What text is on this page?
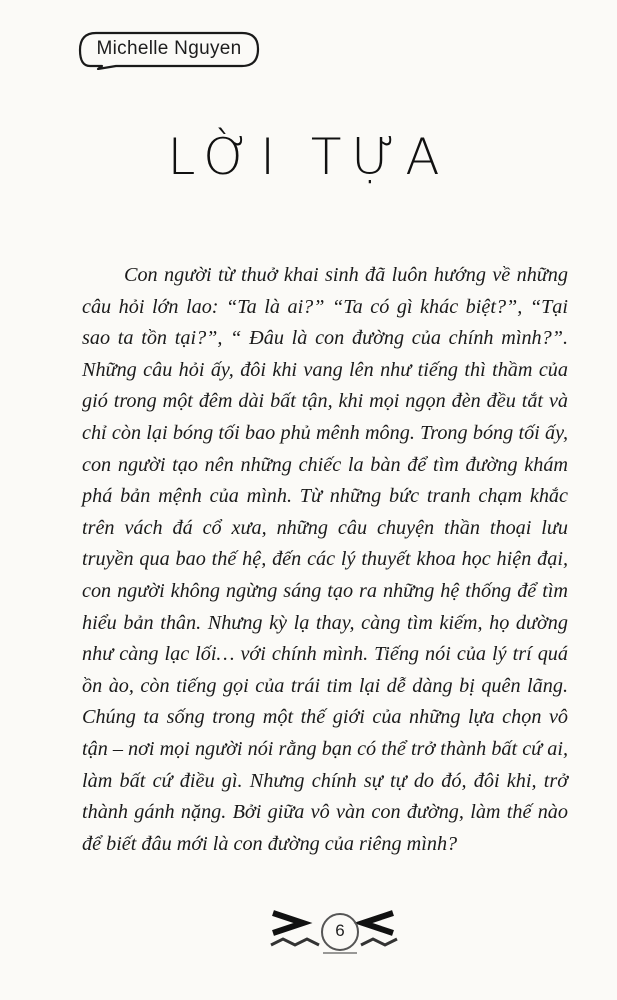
Michelle Nguyen
LỜI TỰA

Con người từ thuở khai sinh đã luôn hướng về những câu hỏi lớn lao: “Ta là ai?” “Ta có gì khác biệt?”, “Tại sao ta tồn tại?”, “ Đâu là con đường của chính mình?”. Những câu hỏi ấy, đôi khi vang lên như tiếng thì thầm của gió trong một đêm dài bất tận, khi mọi ngọn đèn đều tắt và chỉ còn lại bóng tối bao phủ mênh mông. Trong bóng tối ấy, con người tạo nên những chiếc la bàn để tìm đường khám phá bản mệnh của mình. Từ những bức tranh chạm khắc trên vách đá cổ xưa, những câu chuyện thần thoại lưu truyền qua bao thế hệ, đến các lý thuyết khoa học hiện đại, con người không ngừng sáng tạo ra những hệ thống để tìm hiểu bản thân. Nhưng kỳ lạ thay, càng tìm kiếm, họ dường như càng lạc lối… với chính mình. Tiếng nói của lý trí quá ồn ào, còn tiếng gọi của trái tim lại dễ dàng bị quên lãng. Chúng ta sống trong một thế giới của những lựa chọn vô tận – nơi mọi người nói rằng bạn có thể trở thành bất cứ ai, làm bất cứ điều gì. Nhưng chính sự tự do đó, đôi khi, trở thành gánh nặng. Bởi giữa vô vàn con đường, làm thế nào để biết đâu mới là con đường của riêng mình?

6
